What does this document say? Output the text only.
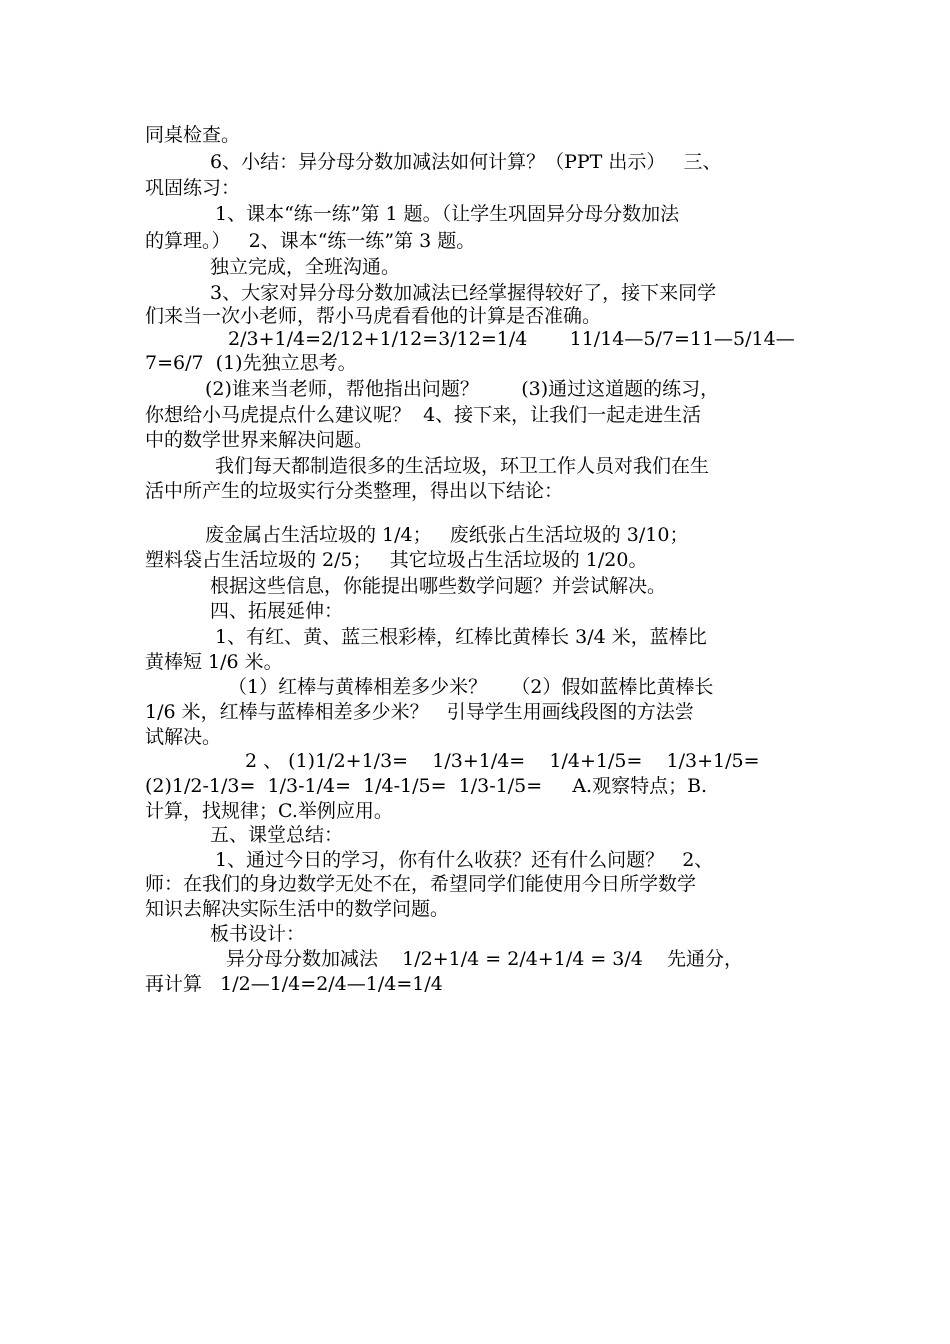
同桌检查。
6、小结：异分母分数加减法如何计算？（PPT 出示）   三、
巩固练习：
1、课本“练一练”第 1 题。（让学生巩固异分母分数加法
的算理。）   2、课本“练一练”第 3 题。
独立完成，全班沟通。
3、大家对异分母分数加减法已经掌握得较好了，接下来同学
们来当一次小老师，帮小马虎看看他的计算是否准确。
2/3+1/4=2/12+1/12=3/12=1/4       11/14—5/7=11—5/14—
7=6/7  (1)先独立思考。
(2)谁来当老师，帮他指出问题？       (3)通过这道题的练习，
你想给小马虎提点什么建议呢？  4、接下来，让我们一起走进生活
中的数学世界来解决问题。
我们每天都制造很多的生活垃圾，环卫工作人员对我们在生
活中所产生的垃圾实行分类整理，得出以下结论：
废金属占生活垃圾的 1/4；   废纸张占生活垃圾的 3/10；
塑料袋占生活垃圾的 2/5；   其它垃圾占生活垃圾的 1/20。
根据这些信息，你能提出哪些数学问题？并尝试解决。
四、拓展延伸：
1、有红、黄、蓝三根彩棒，红棒比黄棒长 3/4 米，蓝棒比
黄棒短 1/6 米。
（1）红棒与黄棒相差多少米？    （2）假如蓝棒比黄棒长
1/6 米，红棒与蓝棒相差多少米？   引导学生用画线段图的方法尝
试解决。
2 、 (1)1/2+1/3=    1/3+1/4=    1/4+1/5=    1/3+1/5=
(2)1/2-1/3=  1/3-1/4=  1/4-1/5=  1/3-1/5=     A.观察特点；B.
计算，找规律；C.举例应用。
五、课堂总结：
1、通过今日的学习，你有什么收获？还有什么问题？   2、
师：在我们的身边数学无处不在，希望同学们能使用今日所学数学
知识去解决实际生活中的数学问题。
板书设计：
异分母分数加减法    1/2+1/4 = 2/4+1/4 = 3/4    先通分，
再计算   1/2—1/4=2/4—1/4=1/4
